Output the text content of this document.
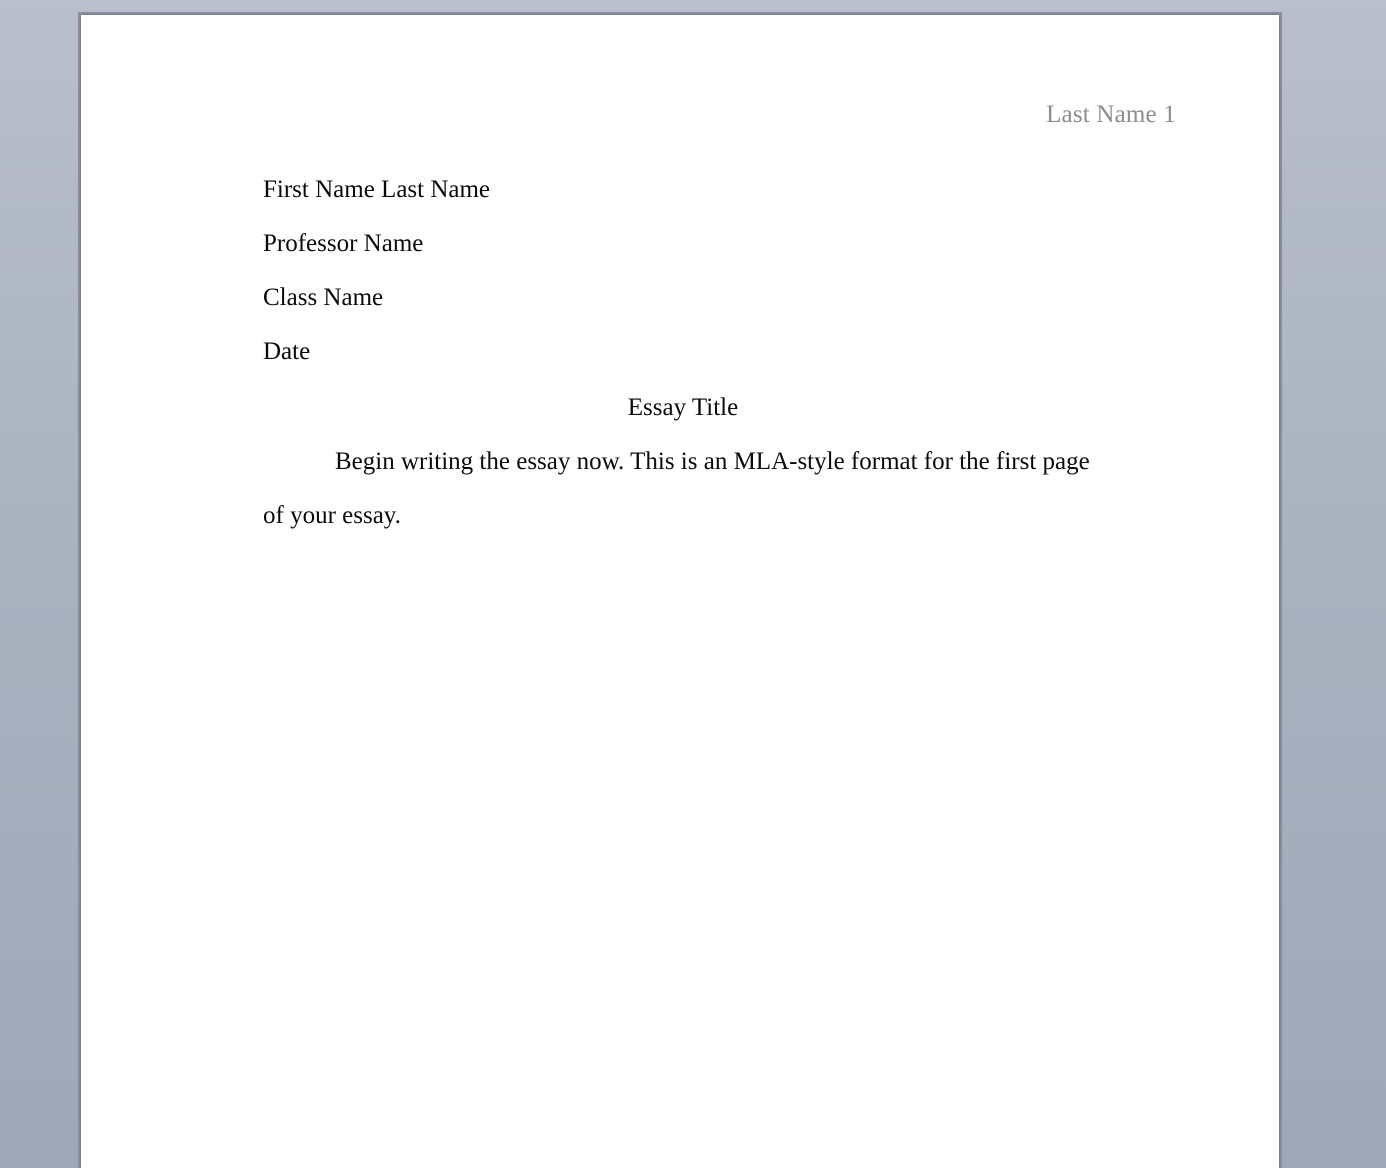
Last Name 1
First Name Last Name
Professor Name
Class Name
Date
Essay Title
Begin writing the essay now. This is an MLA-style format for the first page of your essay.
